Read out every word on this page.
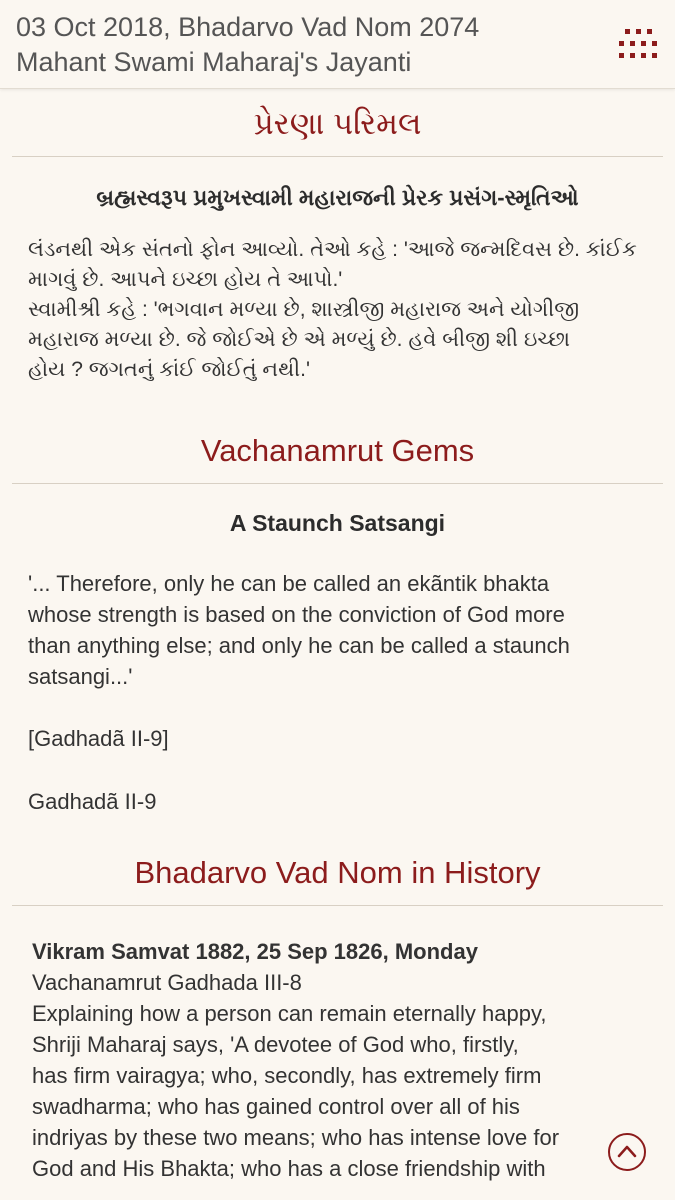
03 Oct 2018, Bhadarvo Vad Nom 2074
Mahant Swami Maharaj's Jayanti
પ્રેરણા પરિમલ
બ્રહ્મસ્વરૂપ પ્રમુખસ્વામી મહારાજની પ્રેરક પ્રસંગ-સ્મૃતિઓ
લંડનથી એક સંતનો ફોન આવ્યો. તેઓ કહે : 'આજે જન્મદિવસ છે. કાંઈક
માગવું છે. આપને ઇચ્છા હોય તે આપો.'
સ્વામીશ્રી કહે : 'ભગવાન મળ્યા છે, શાસ્ત્રીજી મહારાજ અને યોગીજી
મહારાજ મળ્યા છે. જે જોઈએ છે એ મળ્યું છે. હવે બીજી શી ઇચ્છા
હોય ? જગતનું કાંઈ જોઈતું નથી.'
Vachanamrut Gems
A Staunch Satsangi
'... Therefore, only he can be called an ekãntik bhakta
whose strength is based on the conviction of God more
than anything else; and only he can be called a staunch
satsangi...'
[Gadhadã II-9]
Gadhadã II-9
Bhadarvo Vad Nom in History
Vikram Samvat 1882, 25 Sep 1826, Monday
Vachanamrut Gadhada III-8
Explaining how a person can remain eternally happy,
Shriji Maharaj says, 'A devotee of God who, firstly,
has firm vairagya; who, secondly, has extremely firm
swadharma; who has gained control over all of his
indriyas by these two means; who has intense love for
God and His Bhakta; who has a close friendship with
